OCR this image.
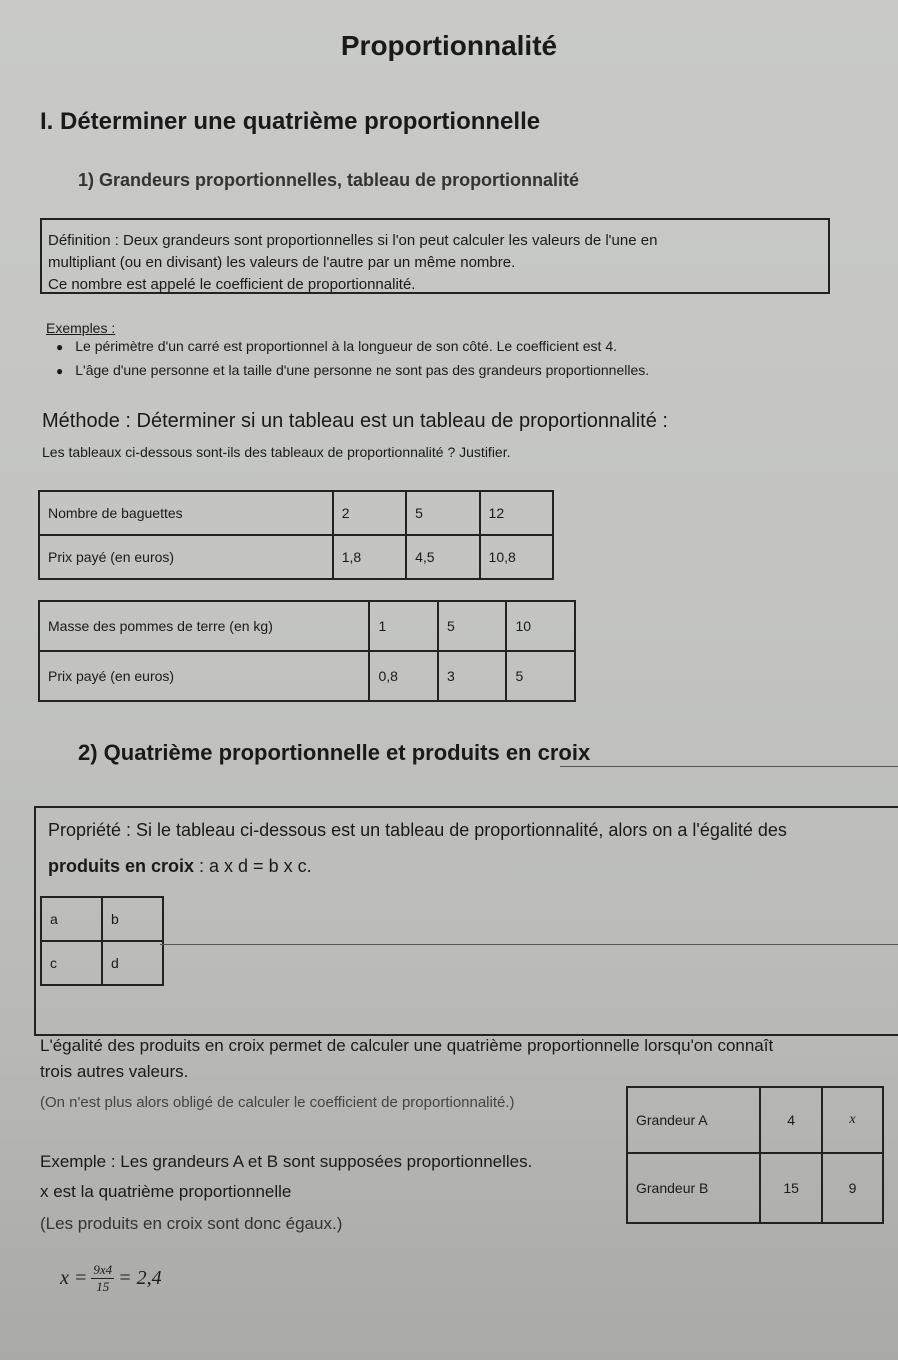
Proportionnalité
I. Déterminer une quatrième proportionnelle
1) Grandeurs proportionnelles, tableau de proportionnalité
Définition : Deux grandeurs sont proportionnelles si l'on peut calculer les valeurs de l'une en
multipliant (ou en divisant) les valeurs de l'autre par un même nombre.
Ce nombre est appelé le coefficient de proportionnalité.
Exemples :
● Le périmètre d'un carré est proportionnel à la longueur de son côté. Le coefficient est 4.
● L'âge d'une personne et la taille d'une personne ne sont pas des grandeurs proportionnelles.
Méthode : Déterminer si un tableau est un tableau de proportionnalité :
Les tableaux ci-dessous sont-ils des tableaux de proportionnalité ? Justifier.
Nombre de baguettes	2	5	12
Prix payé (en euros)	1,8	4,5	10,8
Masse des pommes de terre (en kg)	1	5	10
Prix payé (en euros)	0,8	3	5
2) Quatrième proportionnelle et produits en croix
Propriété : Si le tableau ci-dessous est un tableau de proportionnalité, alors on a l'égalité des
produits en croix : a x d = b x c.
a	b
c	d
L'égalité des produits en croix permet de calculer une quatrième proportionnelle lorsqu'on connaît
trois autres valeurs.
(On n'est plus alors obligé de calculer le coefficient de proportionnalité.)
Exemple : Les grandeurs A et B sont supposées proportionnelles.
x est la quatrième proportionnelle
(Les produits en croix sont donc égaux.)
Grandeur A	4	x
Grandeur B	15	9
$x = \frac{9x4}{15} = 2,4$
